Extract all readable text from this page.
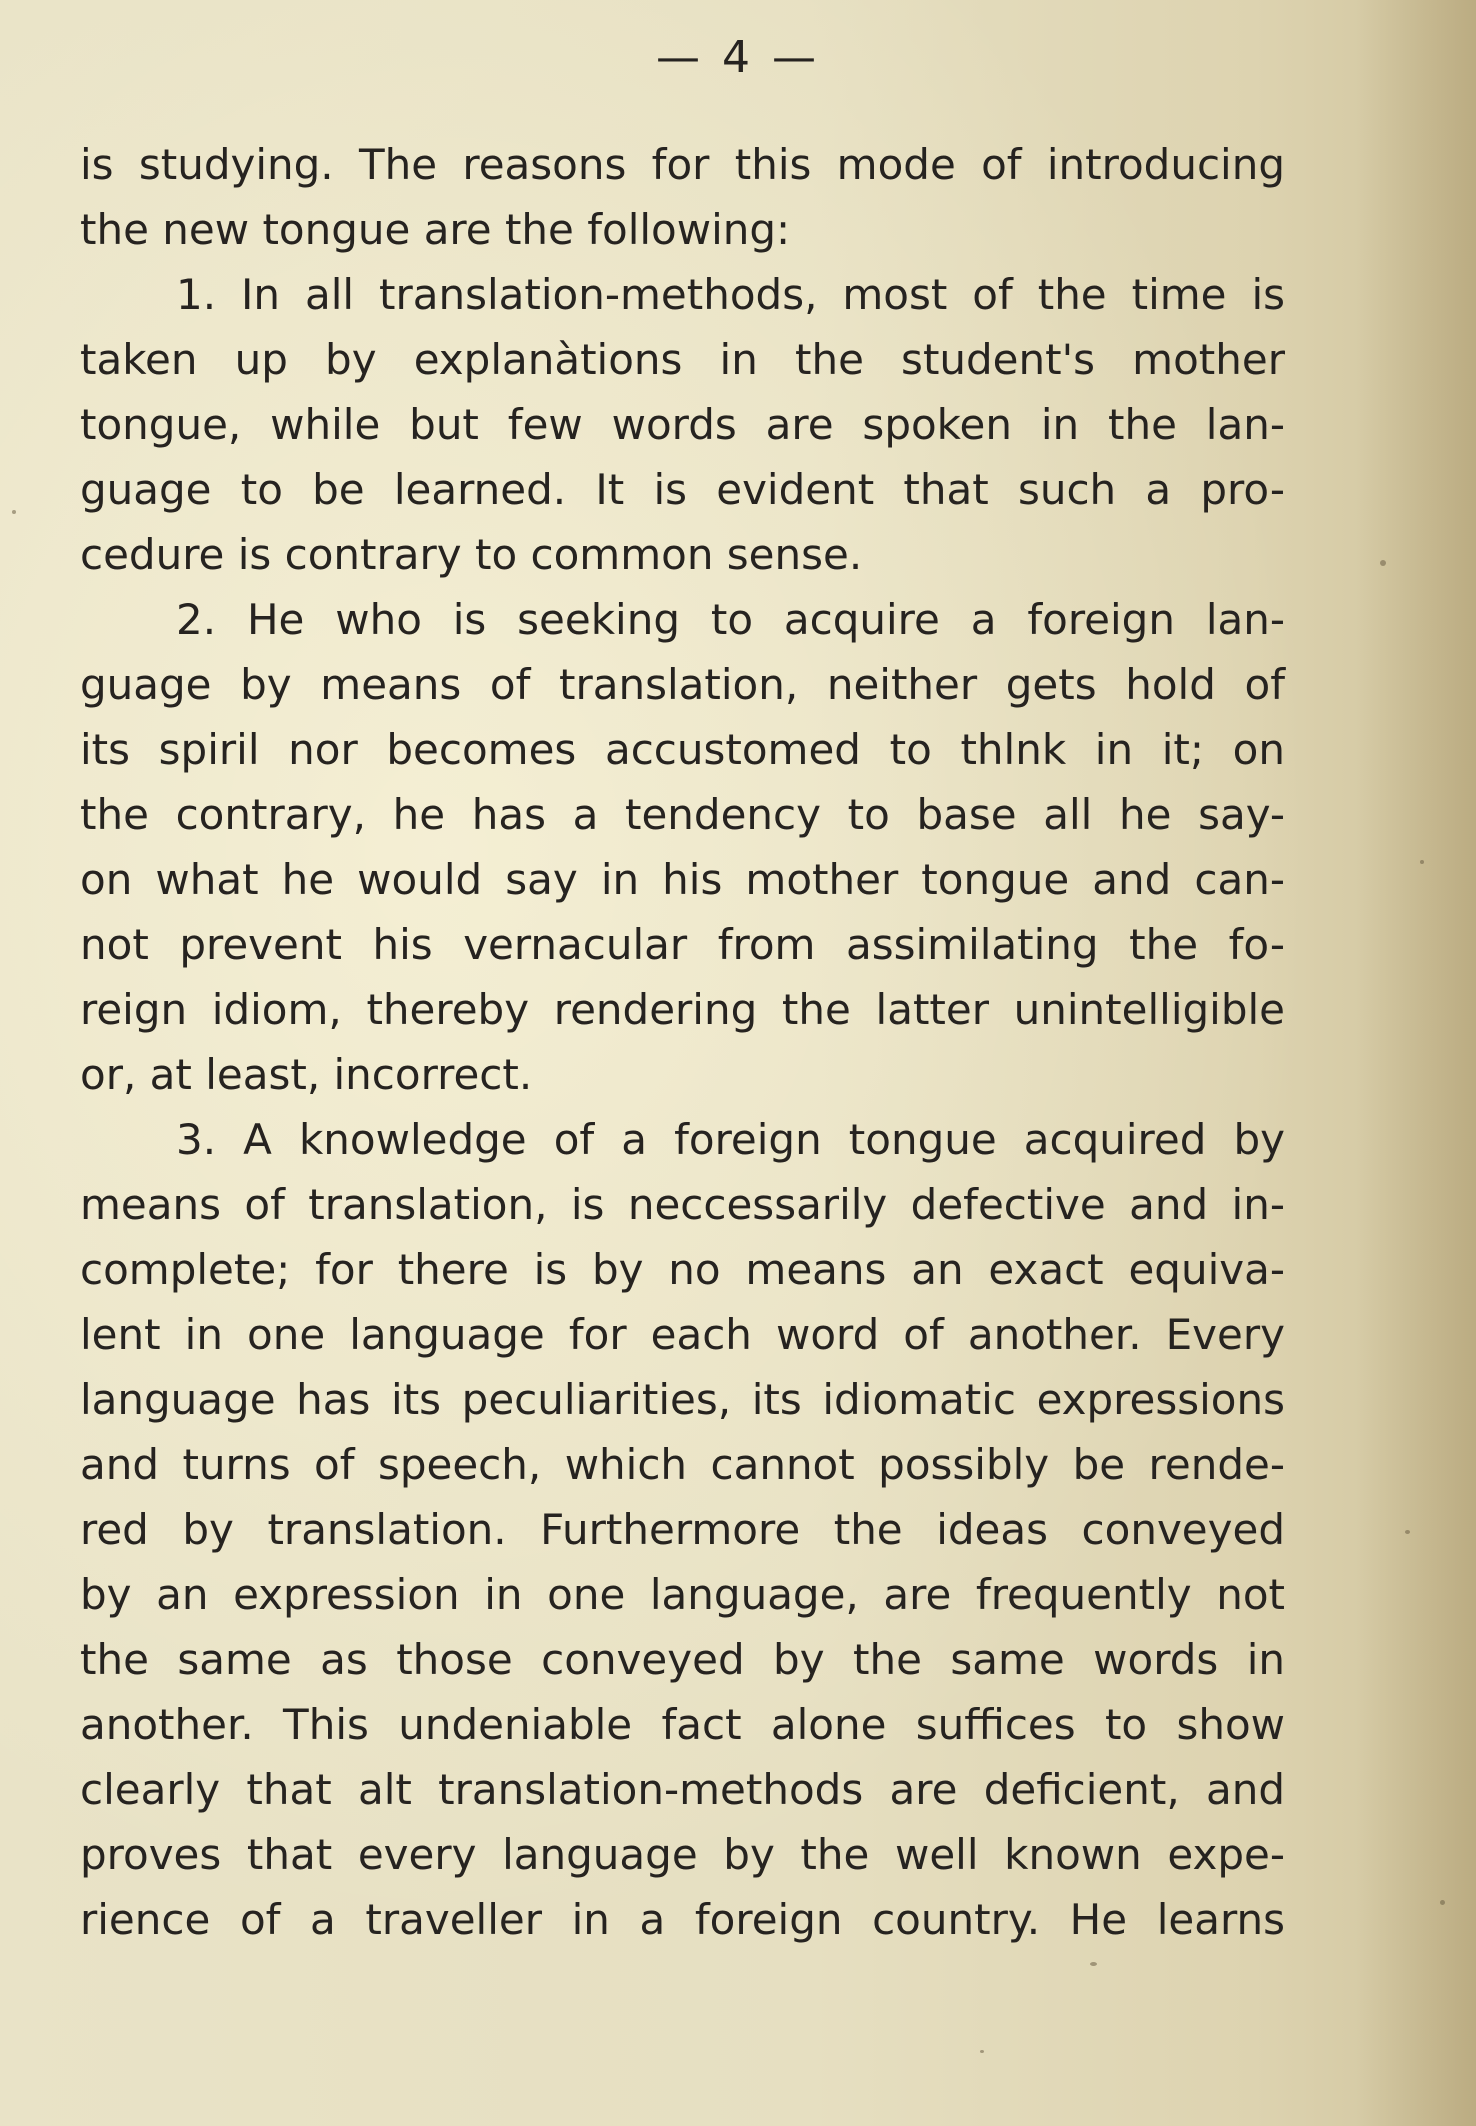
— 4 —
is studying. The reasons for this mode of introducing
the new tongue are the following:
1. In all translation-methods, most of the time is
taken up by explanàtions in the student's mother
tongue, while but few words are spoken in the lan-
guage to be learned. It is evident that such a pro-
cedure is contrary to common sense.
2. He who is seeking to acquire a foreign lan-
guage by means of translation, neither gets hold of
its spiril nor becomes accustomed to thlnk in it; on
the contrary, he has a tendency to base all he say-
on what he would say in his mother tongue and can-
not prevent his vernacular from assimilating the fo-
reign idiom, thereby rendering the latter unintelligible
or, at least, incorrect.
3. A knowledge of a foreign tongue acquired by
means of translation, is neccessarily defective and in-
complete; for there is by no means an exact equiva-
lent in one language for each word of another. Every
language has its peculiarities, its idiomatic expressions
and turns of speech, which cannot possibly be rende-
red by translation. Furthermore the ideas conveyed
by an expression in one language, are frequently not
the same as those conveyed by the same words in
another. This undeniable fact alone suffices to show
clearly that alt translation-methods are deficient, and
proves that every language by the well known expe-
rience of a traveller in a foreign country. He learns
